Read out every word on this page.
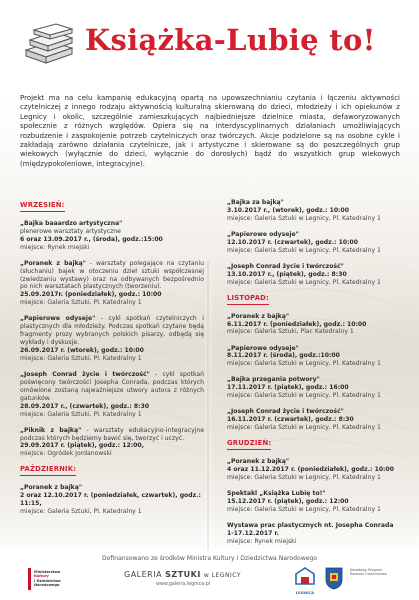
Książka-Lubię to!

Projekt ma na celu kampanię edukacyjną opartą na upowszechnianiu czytania i łączeniu aktywności czytelniczej z innego rodzaju aktywnością kulturalną skierowaną do dzieci, młodzieży i ich opiekunów z Legnicy i okolic, szczególnie zamieszkujących najbiedniejsze dzielnice miasta, defaworyzowanych społecznie z różnych względów. Opiera się na interdyscyplinarnych działaniach umożliwiających rozbudzenie i zaspokojenie potrzeb czytelniczych oraz twórczych. Akcje podzielone są na osobne cykle i zakładają zarówno działania czytelnicze, jak i artystyczne i skierowane są do poszczególnych grup wiekowych (wyłącznie do dzieci, wyłącznie do dorosłych) bądź do wszystkich grup wiekowych (międzypokoleniowe, integracyjne).

WRZESIEŃ:
„Bajka baaardzo artystyczna"
plenerowe warsztaty artystyczne
6 oraz 13.09.2017 r., (środa), godz.:15:00
miejsce: Rynek miejski
„Poranek z bajką" - warsztaty polegające na czytaniu (słuchaniu) bajek w otoczeniu dzieł sztuki współczesnej (zwiedzaniu wystawy) oraz na odbywanych bezpośrednio po nich warsztatach plastycznych (tworzeniu).
25.09.2017r. (poniedziałek), godz.: 10:00
miejsce: Galeria Sztuki, Pl. Katedralny 1
„Papierowe odyseje" - cykl spotkań czytelniczych i plastycznych dla młodzieży. Podczas spotkań czytane będą fragmenty prozy wybranych polskich pisarzy, odbędą się wykłady i dyskusje.
26.09.2017 r. (wtorek), godz.: 10:00
miejsce: Galeria Sztuki, Pl. Katedralny 1
„Joseph Conrad życie i twórczość" - cykl spotkań poświęcony twórczości Josepha Conrada, podczas których omówione zostaną najważniejsze utwory autora z różnych gatunków.
28.09.2017 r., (czwartek), godz.: 8:30
miejsce: Galeria Sztuki, Pl. Katedralny 1
„Piknik z bajką" - warsztaty edukacyjno-integracyjne podczas których będziemy bawić się, tworzyć i uczyć.
29.09.2017 r. (piątek), godz.: 12:00,
miejsce: Ogródek Jordanowski
PAŹDZIERNIK:
„Poranek z bajką"
2 oraz 12.10.2017 r. (poniedziałek, czwartek), godz.: 11:15,
miejsce: Galeria Sztuki, Pl. Katedralny 1
„Bajka za bajką"
3.10.2017 r., (wtorek), godz.: 10:00
miejsce: Galeria Sztuki w Legnicy, Pl. Katedralny 1
„Papierowe odyseje"
12.10.2017 r. (czwartek), godz.: 10:00
miejsce: Galeria Sztuki w Legnicy, Pl. Katedralny 1
„Joseph Conrad życie i twórczość"
13.10.2017 r., (piątek), godz.: 8:30
miejsce: Galeria Sztuki w Legnicy, Pl. Katedralny 1
LISTOPAD:
„Poranek z bajką"
6.11.2017 r. (poniedziałek), godz.: 10:00
miejsce: Galeria Sztuki, Plac Katedralny 1
„Papierowe odyseje"
8.11.2017 r. (środa), godz.:10:00
miejsce: Galeria Sztuki w Legnicy, Pl. Katedralny 1
„Bajka przegania potwory"
17.11.2017 r. (piątek), godz.: 16:00
miejsce: Galeria Sztuki w Legnicy, Pl. Katedralny 1
„Joseph Conrad życie i twórczość"
16.11.2017 r. (czwartek), godz.: 8:30
miejsce: Galeria Sztuki w Legnicy, Pl. Katedralny 1
GRUDZIEŃ:
„Poranek z bajką"
4 oraz 11.12.2017 r. (poniedziałek), godz.: 10:00
miejsce: Galeria Sztuki w Legnicy, Pl. Katedralny 1
Spektakl „Książka Lubię to!"
15.12.2017 r. (piątek), godz.: 12:00
miejsce: Galeria Sztuki w Legnicy, Pl. Katedralny 1
Wystawa prac plastycznych nt. Josepha Conrada
1-17.12.2017 r.
miejsce: Rynek miejski
Dofinansowano ze środków Ministra Kultury i Dziedzictwa Narodowego
Ministerstwo
Kultury
i Dziedzictwa
Narodowego
GALERIA SZTUKI w LEGNICY
www.galeria.legnica.pl
LEGNICA
Narodowy Program
Rozwoju Czytelnictwa
